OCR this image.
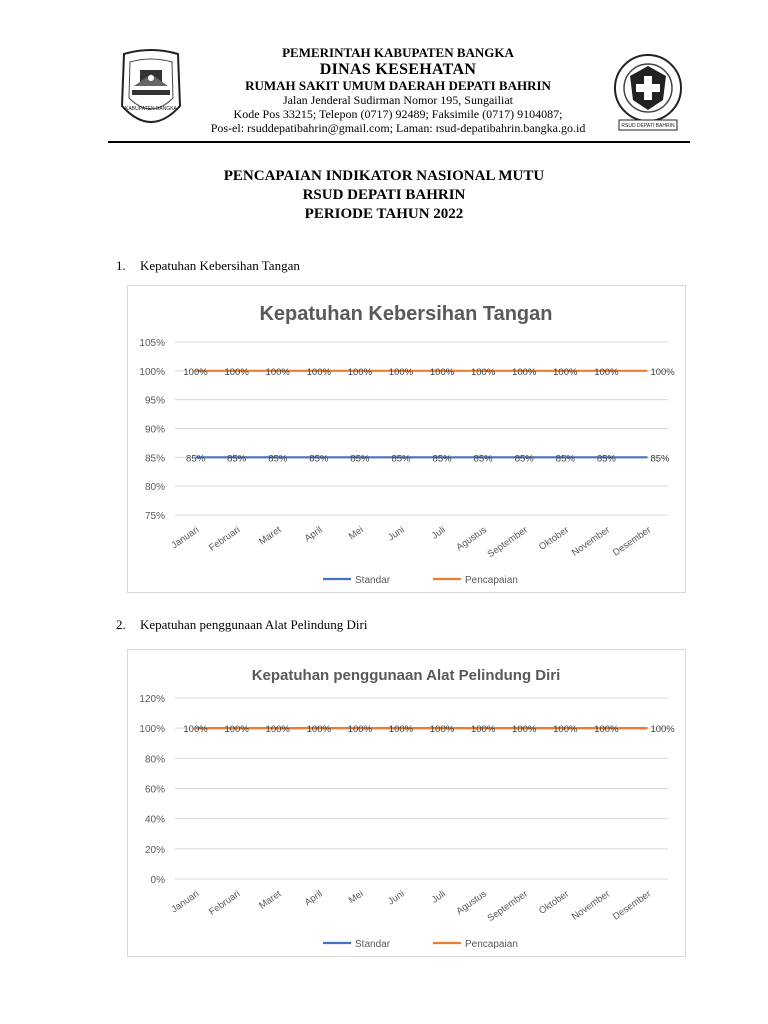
KABUPATEN BANGKA
PEMERINTAH KABUPATEN BANGKA
DINAS KESEHATAN
RUMAH SAKIT UMUM DAERAH DEPATI BAHRIN
Jalan Jenderal Sudirman Nomor 195, Sungailiat
Kode Pos 33215; Telepon (0717) 92489; Faksimile (0717) 9104087;
Pos-el: rsuddepatibahrin@gmail.com; Laman: rsud-depatibahrin.bangka.go.id	RSUD DEPATI BAHRIN
PENCAPAIAN INDIKATOR NASIONAL MUTU
RSUD DEPATI BAHRIN
PERIODE TAHUN 2022
1. Kepatuhan Kebersihan Tangan
Kepatuhan Kebersihan Tangan
75%
80%
85%
90%
95%
100%
105%
Januari Februari Maret April Mei Juni Juli Agustus
September Oktober
November
Desember
85% 85% 85% 85% 85% 85% 85% 85% 85% 85% 85%	85%
100% 100% 100% 100% 100% 100% 100% 100% 100% 100% 100%	100%
Standar	Pencapaian
2. Kepatuhan penggunaan Alat Pelindung Diri
Kepatuhan penggunaan Alat Pelindung Diri
0%
20%
40%
60%
80%
100%
120%
Januari Februari Maret April Mei Juni Juli Agustus
September Oktober
November
Desember
100% 100% 100% 100% 100% 100% 100% 100% 100% 100% 100%	100%
Standar	Pencapaian
